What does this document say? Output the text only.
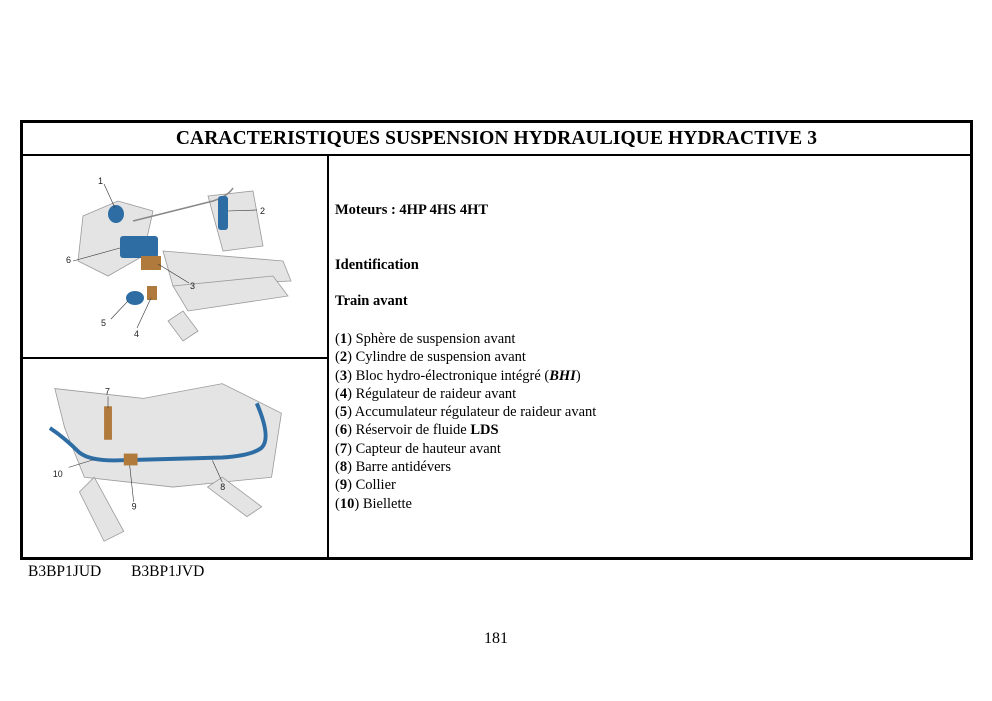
CARACTERISTIQUES SUSPENSION HYDRAULIQUE HYDRACTIVE 3
1
2
3
4
5
6
7
8
9
10
Moteurs : 4HP 4HS 4HT
Identification
Train avant
(1) Sphère de suspension avant
(2) Cylindre de suspension avant
(3) Bloc hydro-électronique intégré (BHI)
(4) Régulateur de raideur avant
(5) Accumulateur régulateur de raideur avant
(6) Réservoir de fluide LDS
(7) Capteur de hauteur avant
(8) Barre antidévers
(9) Collier
(10) Biellette
B3BP1JUD B3BP1JVD
181
